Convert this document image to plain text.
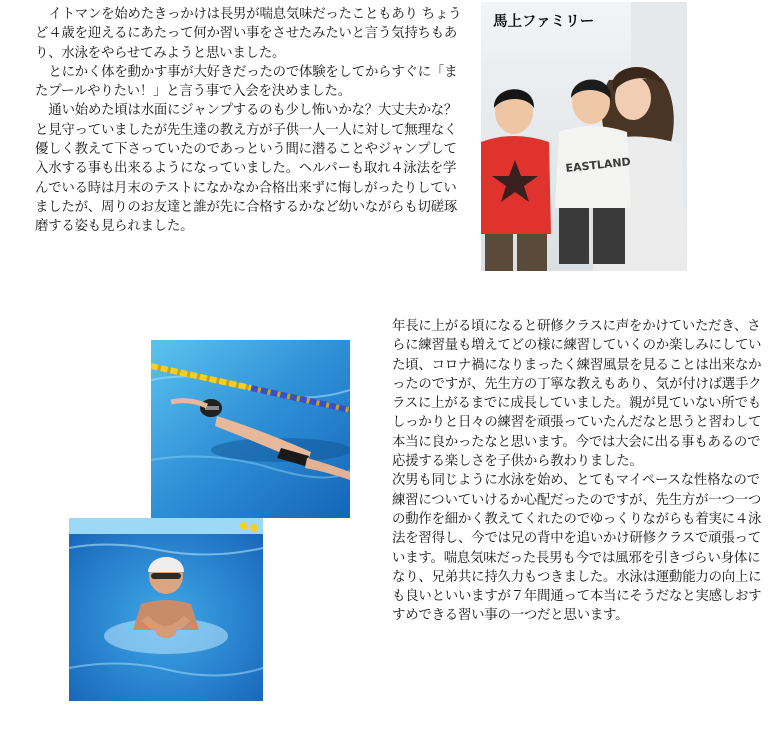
イトマンを始めたきっかけは長男が喘息気味だったこともあり ちょうど４歳を迎えるにあたって何か習い事をさせたみたいと言う気持ちもあり、水泳をやらせてみようと思いました。

とにかく体を動かす事が大好きだったので体験をしてからすぐに「またプールやりたい！」と言う事で入会を決めました。

通い始めた頃は水面にジャンプするのも少し怖いかな？大丈夫かな？と見守っていましたが先生達の教え方が子供一人一人に対して無理なく優しく教えて下さっていたのであっという間に潜ることやジャンプして入水する事も出来るようになっていました。ヘルパーも取れ４泳法を学んでいる時は月末のテストになかなか合格出来ずに悔しがったりしていましたが、周りのお友達と誰が先に合格するかなど幼いながらも切磋琢磨する姿も見られました。

EASTLAND
馬上ファミリー

年長に上がる頃になると研修クラスに声をかけていただき、さらに練習量も増えてどの様に練習していくのか楽しみにしていた頃、コロナ禍になりまったく練習風景を見ることは出来なかったのですが、先生方の丁寧な教えもあり、気が付けば選手クラスに上がるまでに成長していました。親が見ていない所でもしっかりと日々の練習を頑張っていたんだなと思うと習わして本当に良かったなと思います。今では大会に出る事もあるので応援する楽しさを子供から教わりました。

次男も同じように水泳を始め、とてもマイペースな性格なので練習についていけるか心配だったのですが、先生方が一つ一つの動作を細かく教えてくれたのでゆっくりながらも着実に４泳法を習得し、今では兄の背中を追いかけ研修クラスで頑張っています。喘息気味だった長男も今では風邪を引きづらい身体になり、兄弟共に持久力もつきました。水泳は運動能力の向上にも良いといいますが７年間通って本当にそうだなと実感しおすすめできる習い事の一つだと思います。
